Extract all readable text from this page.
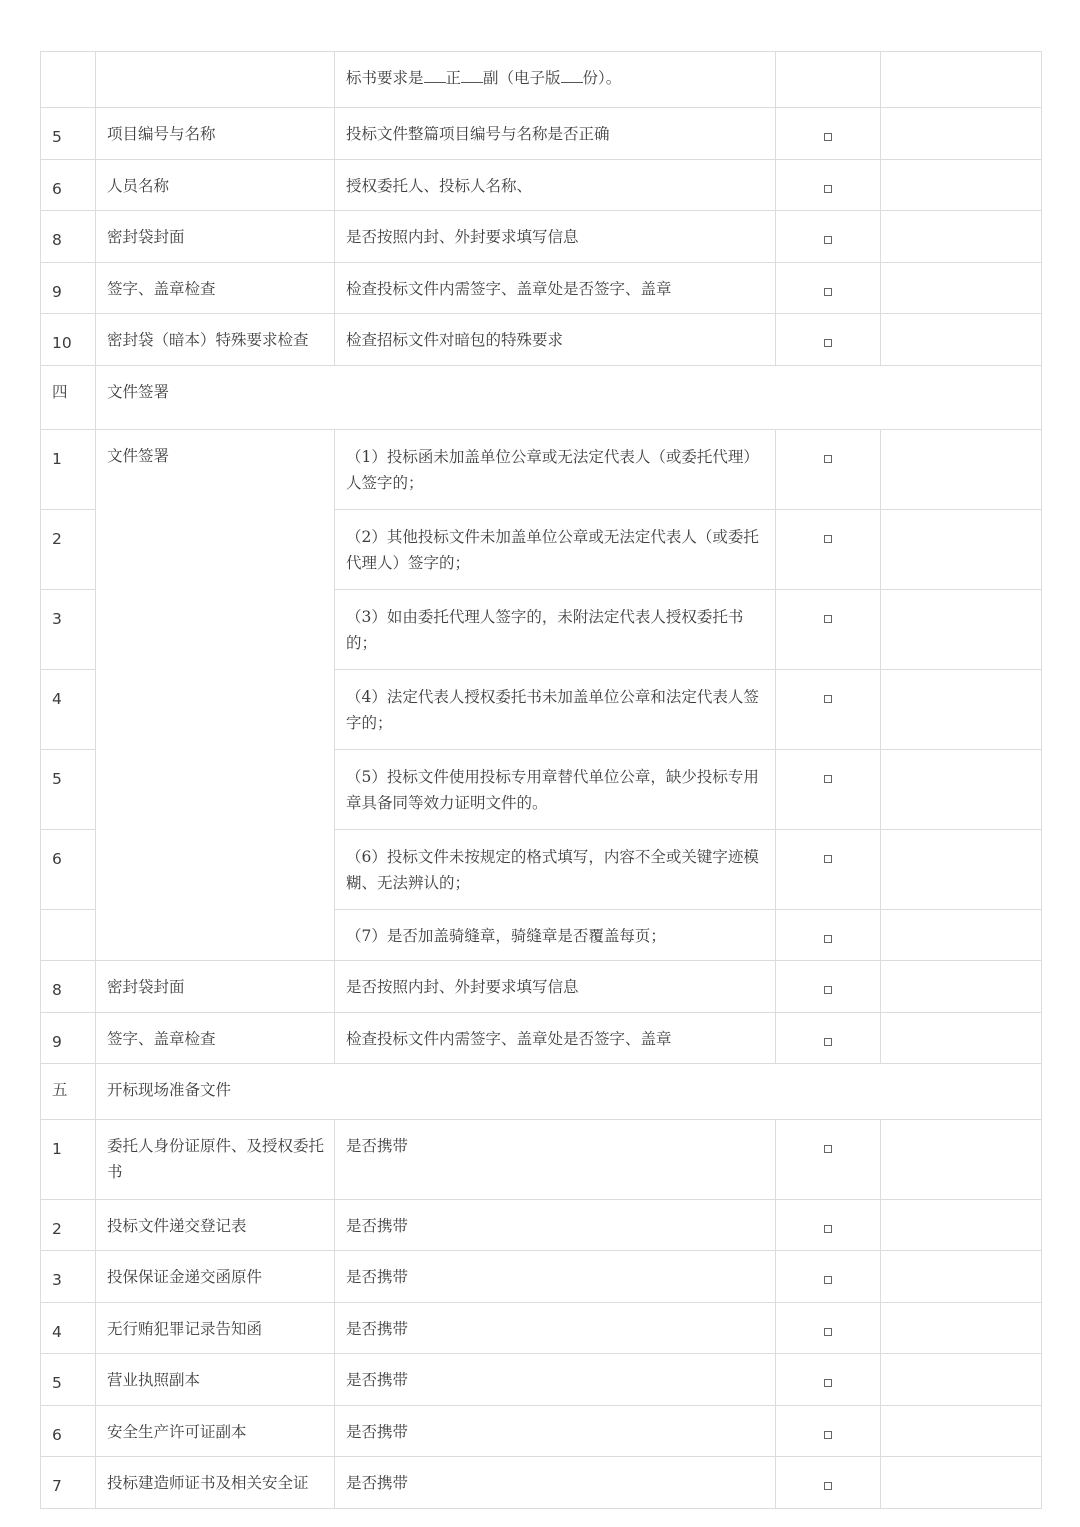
		标书要求是 正 副（电子版 份）。		
5	项目编号与名称	投标文件整篇项目编号与名称是否正确		
6	人员名称	授权委托人、投标人名称、		
8	密封袋封面	是否按照内封、外封要求填写信息		
9	签字、盖章检查	检查投标文件内需签字、盖章处是否签字、盖章		
10	密封袋（暗本）特殊要求检查	检查招标文件对暗包的特殊要求		
四	文件签署			
1	文件签署	（1）投标函未加盖单位公章或无法定代表人（或委托代理）人签字的；		
2		（2）其他投标文件未加盖单位公章或无法定代表人（或委托代理人）签字的；		
3		（3）如由委托代理人签字的，未附法定代表人授权委托书的；		
4		（4）法定代表人授权委托书未加盖单位公章和法定代表人签字的；		
5		（5）投标文件使用投标专用章替代单位公章，缺少投标专用章具备同等效力证明文件的。		
6		（6）投标文件未按规定的格式填写，内容不全或关键字迹模糊、无法辨认的；		
		（7）是否加盖骑缝章，骑缝章是否覆盖每页；		
8	密封袋封面	是否按照内封、外封要求填写信息		
9	签字、盖章检查	检查投标文件内需签字、盖章处是否签字、盖章		
五	开标现场准备文件			
1	委托人身份证原件、及授权委托书	是否携带		
2	投标文件递交登记表	是否携带		
3	投保保证金递交函原件	是否携带		
4	无行贿犯罪记录告知函	是否携带		
5	营业执照副本	是否携带		
6	安全生产许可证副本	是否携带		
7	投标建造师证书及相关安全证	是否携带		
